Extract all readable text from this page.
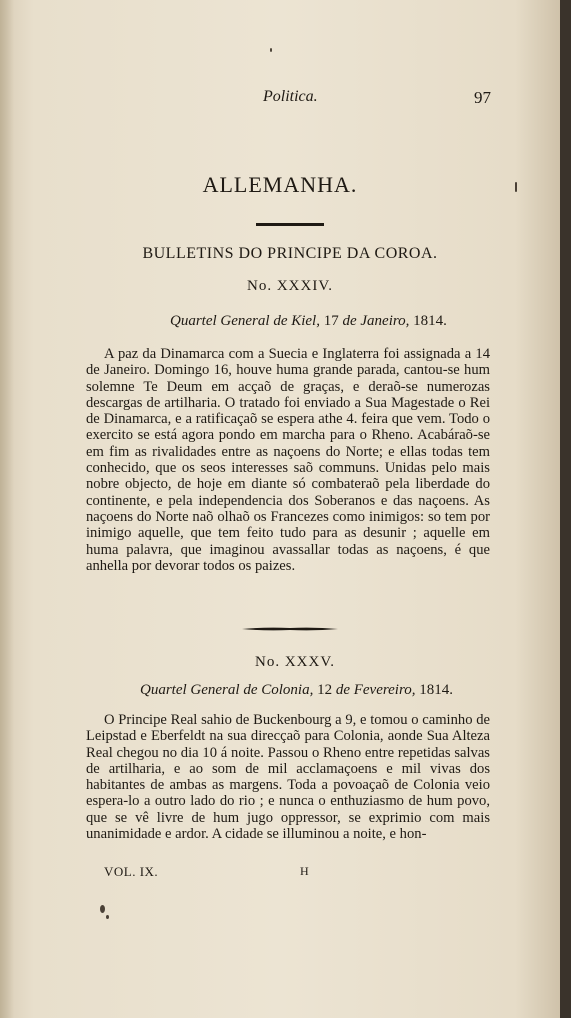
Politica.	97
ALLEMANHA.
BULLETINS DO PRINCIPE DA COROA.
No. XXXIV.
Quartel General de Kiel, 17 de Janeiro, 1814.
A paz da Dinamarca com a Suecia e Inglaterra foi assignada a 14 de Janeiro. Domingo 16, houve huma grande parada, cantou-se hum solemne Te Deum em acçaõ de graças, e deraõ-se numerozas descargas de artilharia. O tratado foi enviado a Sua Magestade o Rei de Dinamarca, e a ratificaçaõ se espera athe 4. feira que vem. Todo o exercito se está agora pondo em marcha para o Rheno. Acabáraõ-se em fim as rivalidades entre as naçoens do Norte; e ellas todas tem conhecido, que os seos interesses saõ communs. Unidas pelo mais nobre objecto, de hoje em diante só combateraõ pela liberdade do continente, e pela independencia dos Soberanos e das naçoens. As naçoens do Norte naõ olhaõ os Francezes como inimigos: so tem por inimigo aquelle, que tem feito tudo para as desunir ; aquelle em huma palavra, que imaginou avassallar todas as naçoens, é que anhella por devorar todos os paizes.
No. XXXV.
Quartel General de Colonia, 12 de Fevereiro, 1814.
O Principe Real sahio de Buckenbourg a 9, e tomou o caminho de Leipstad e Eberfeldt na sua direcçaõ para Colonia, aonde Sua Alteza Real chegou no dia 10 á noite. Passou o Rheno entre repetidas salvas de artilharia, e ao som de mil acclamaçoens e mil vivas dos habitantes de ambas as margens. Toda a povoaçaõ de Colonia veio espera-lo a outro lado do rio ; e nunca o enthuziasmo de hum povo, que se vê livre de hum jugo oppressor, se exprimio com mais unanimidade e ardor. A cidade se illuminou a noite, e hon-
VOL. IX.	H
